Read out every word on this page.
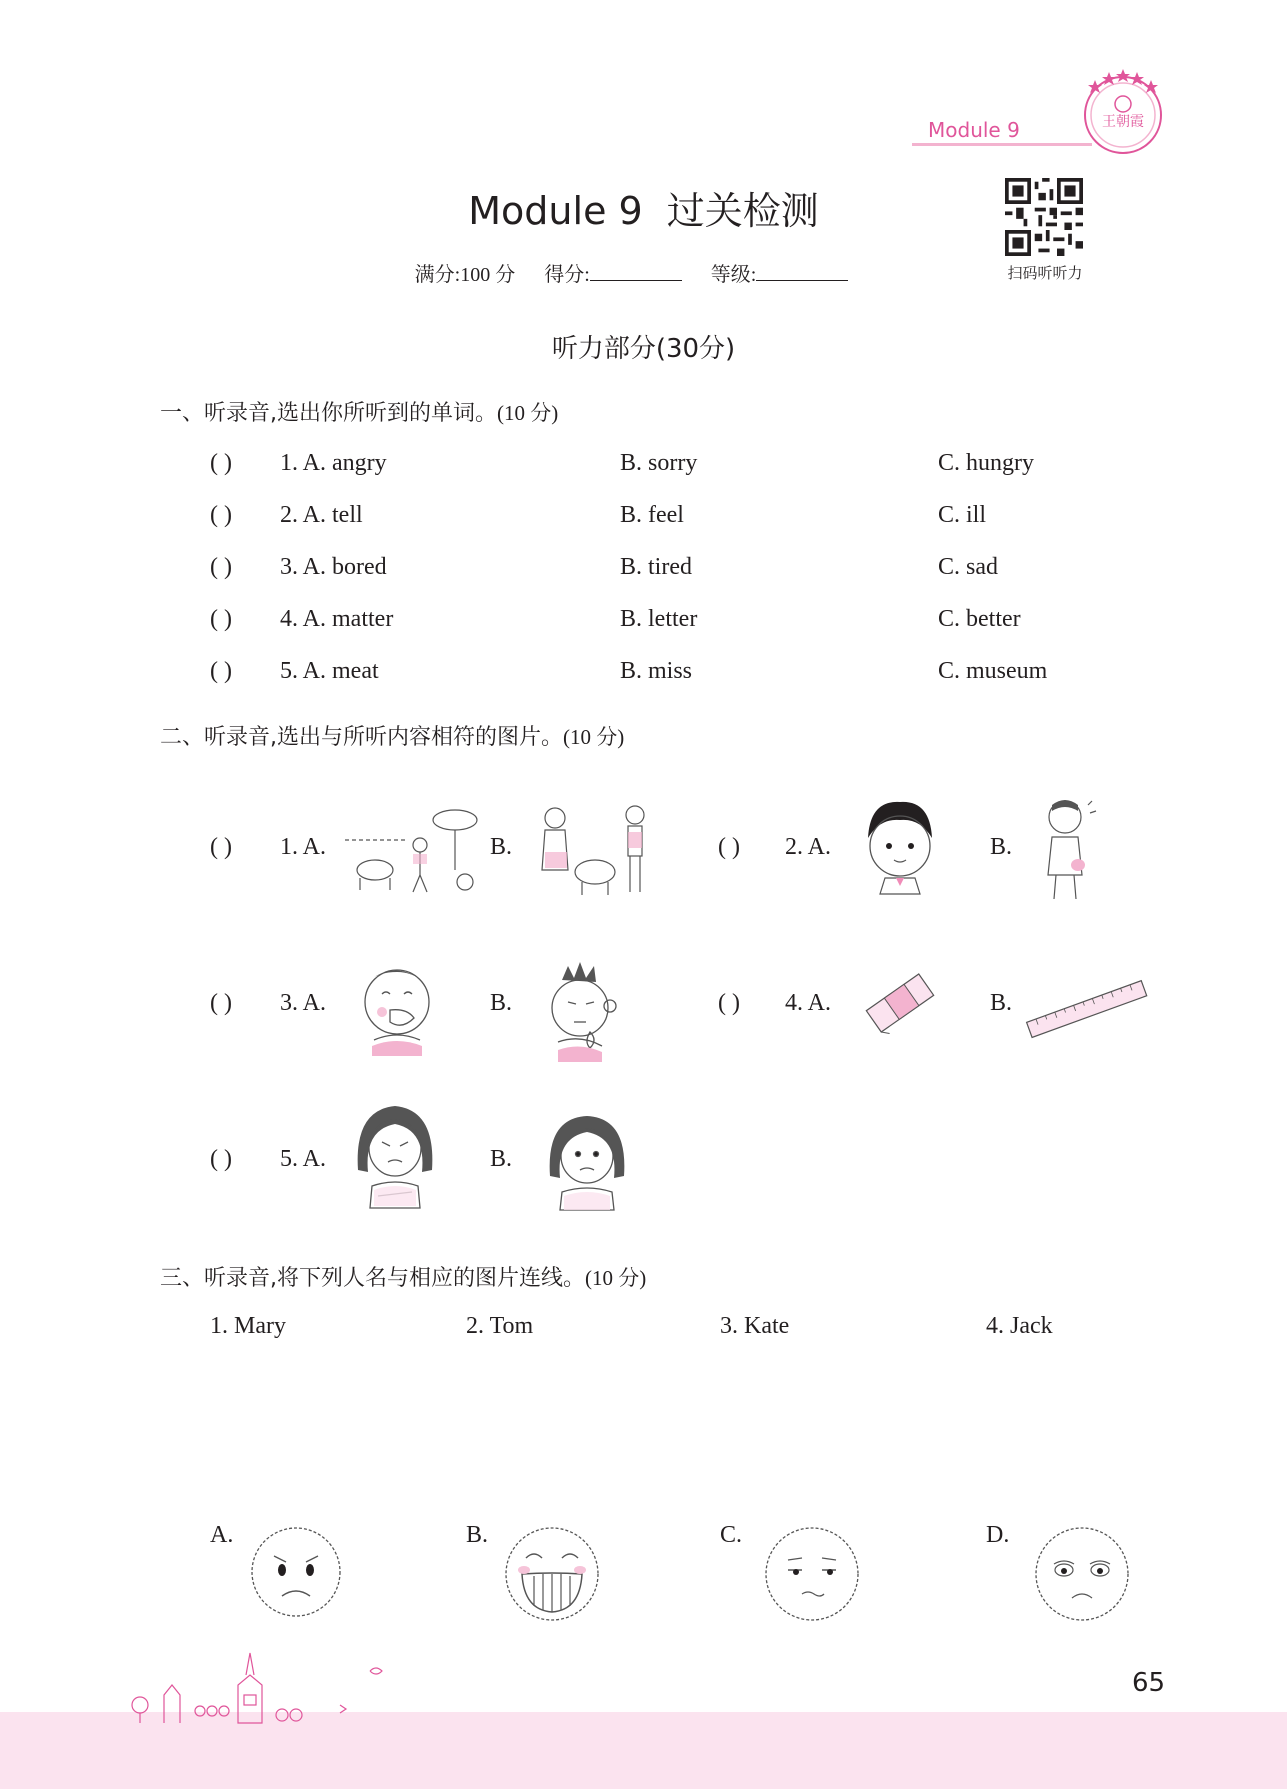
Module 9	王朝霞
Module 9 过关检测
满分:100 分 得分:	等级:	扫码听听力
听力部分(30分)
一、听录音,选出你所听到的单词。(10 分)
( ) 1. A. angry	B. sorry	C. hungry
( ) 2. A. tell	B. feel	C. ill
( ) 3. A. bored	B. tired	C. sad
( ) 4. A. matter	B. letter	C. better
( ) 5. A. meat	B. miss	C. museum
二、听录音,选出与所听内容相符的图片。(10 分)
( ) 1. A.	B.	( ) 2. A.	B.
( ) 3. A.	B.	( ) 4. A.	B.
( ) 5. A.	B.
三、听录音,将下列人名与相应的图片连线。(10 分)
1. Mary	2. Tom	3. Kate	4. Jack
A.	B.	C.	D.
65
